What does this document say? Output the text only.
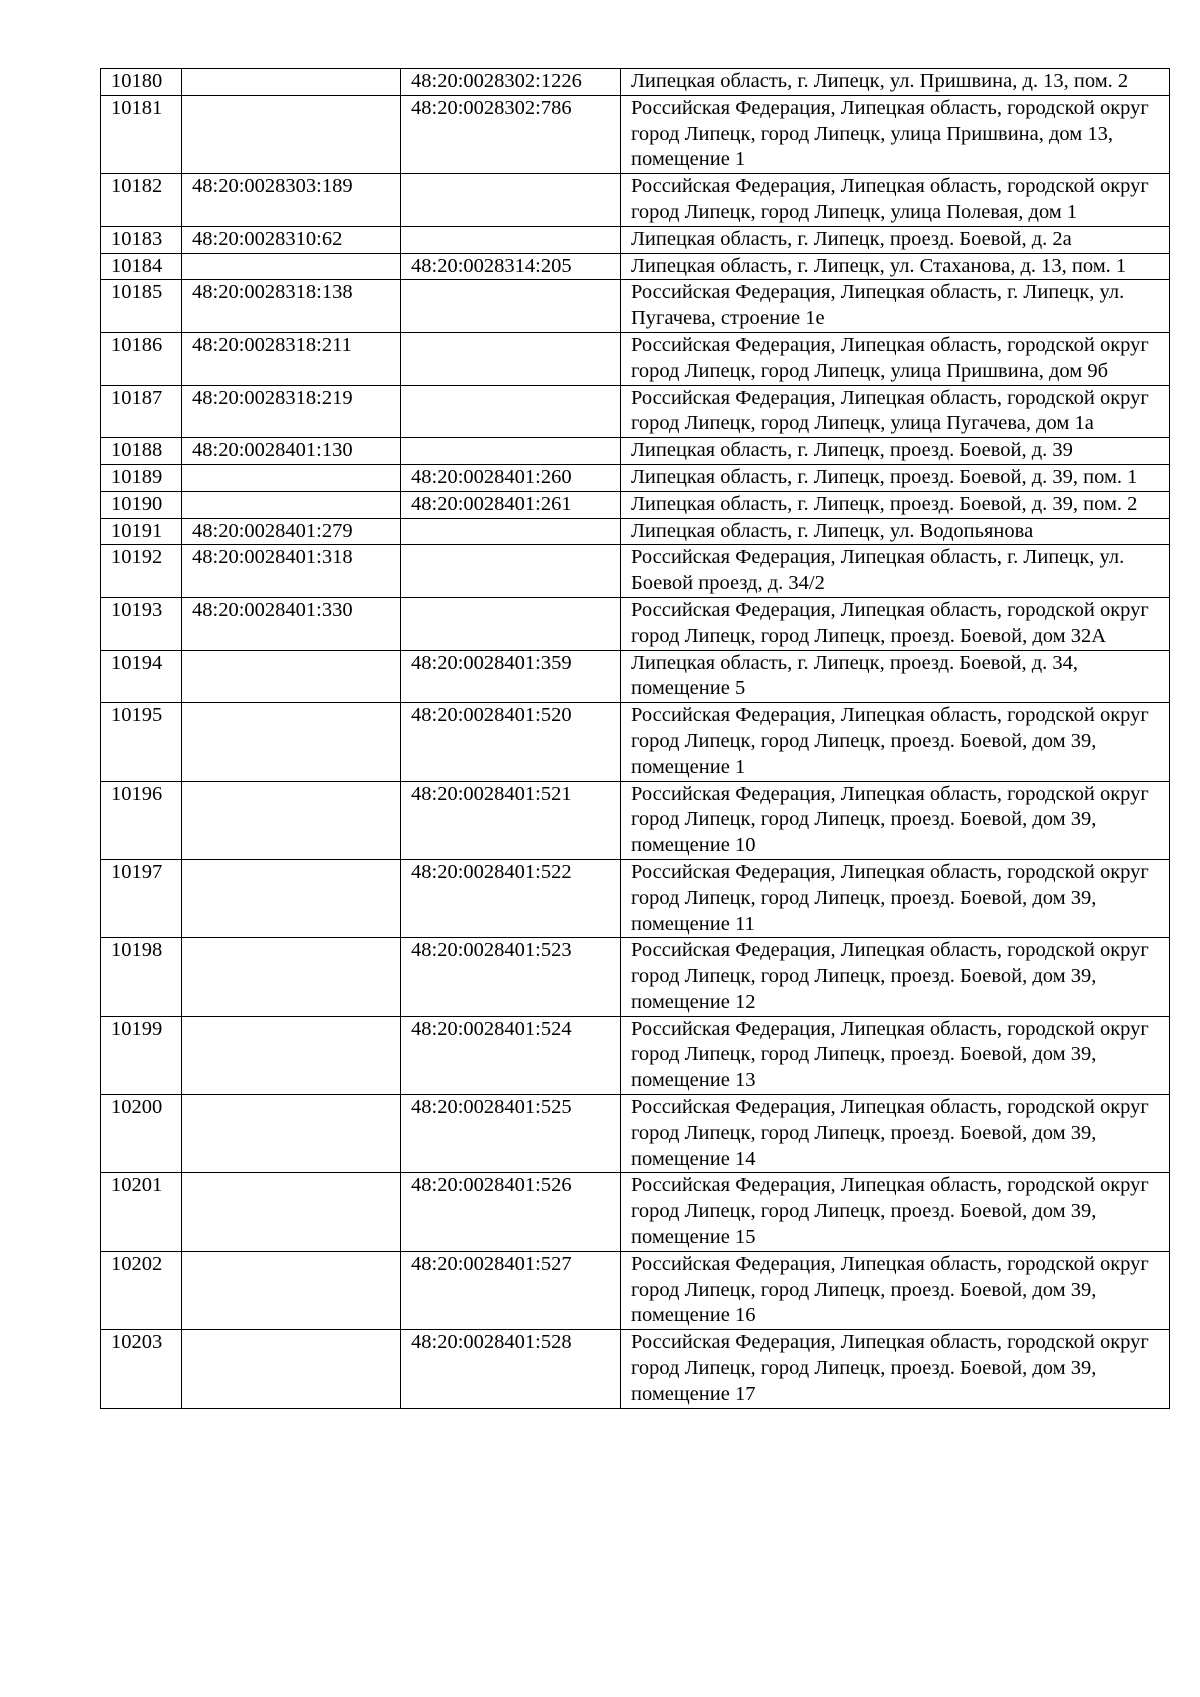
10180		48:20:0028302:1226	Липецкая область, г. Липецк, ул. Пришвина, д. 13, пом. 2
10181		48:20:0028302:786	Российская Федерация, Липецкая область, городской округ город Липецк, город Липецк, улица Пришвина, дом 13, помещение 1
10182	48:20:0028303:189		Российская Федерация, Липецкая область, городской округ город Липецк, город Липецк, улица Полевая, дом 1
10183	48:20:0028310:62		Липецкая область, г. Липецк, проезд. Боевой, д. 2а
10184		48:20:0028314:205	Липецкая область, г. Липецк, ул. Стаханова, д. 13, пом. 1
10185	48:20:0028318:138		Российская Федерация, Липецкая область, г. Липецк, ул. Пугачева, строение 1е
10186	48:20:0028318:211		Российская Федерация, Липецкая область, городской округ город Липецк, город Липецк, улица Пришвина, дом 9б
10187	48:20:0028318:219		Российская Федерация, Липецкая область, городской округ город Липецк, город Липецк, улица Пугачева, дом 1а
10188	48:20:0028401:130		Липецкая область, г. Липецк, проезд. Боевой, д. 39
10189		48:20:0028401:260	Липецкая область, г. Липецк, проезд. Боевой, д. 39, пом. 1
10190		48:20:0028401:261	Липецкая область, г. Липецк, проезд. Боевой, д. 39, пом. 2
10191	48:20:0028401:279		Липецкая область, г. Липецк, ул. Водопьянова
10192	48:20:0028401:318		Российская Федерация, Липецкая область, г. Липецк, ул. Боевой проезд, д. 34/2
10193	48:20:0028401:330		Российская Федерация, Липецкая область, городской округ город Липецк, город Липецк, проезд. Боевой, дом 32А
10194		48:20:0028401:359	Липецкая область, г. Липецк, проезд. Боевой, д. 34, помещение 5
10195		48:20:0028401:520	Российская Федерация, Липецкая область, городской округ город Липецк, город Липецк, проезд. Боевой, дом 39, помещение 1
10196		48:20:0028401:521	Российская Федерация, Липецкая область, городской округ город Липецк, город Липецк, проезд. Боевой, дом 39, помещение 10
10197		48:20:0028401:522	Российская Федерация, Липецкая область, городской округ город Липецк, город Липецк, проезд. Боевой, дом 39, помещение 11
10198		48:20:0028401:523	Российская Федерация, Липецкая область, городской округ город Липецк, город Липецк, проезд. Боевой, дом 39, помещение 12
10199		48:20:0028401:524	Российская Федерация, Липецкая область, городской округ город Липецк, город Липецк, проезд. Боевой, дом 39, помещение 13
10200		48:20:0028401:525	Российская Федерация, Липецкая область, городской округ город Липецк, город Липецк, проезд. Боевой, дом 39, помещение 14
10201		48:20:0028401:526	Российская Федерация, Липецкая область, городской округ город Липецк, город Липецк, проезд. Боевой, дом 39, помещение 15
10202		48:20:0028401:527	Российская Федерация, Липецкая область, городской округ город Липецк, город Липецк, проезд. Боевой, дом 39, помещение 16
10203		48:20:0028401:528	Российская Федерация, Липецкая область, городской округ город Липецк, город Липецк, проезд. Боевой, дом 39, помещение 17
